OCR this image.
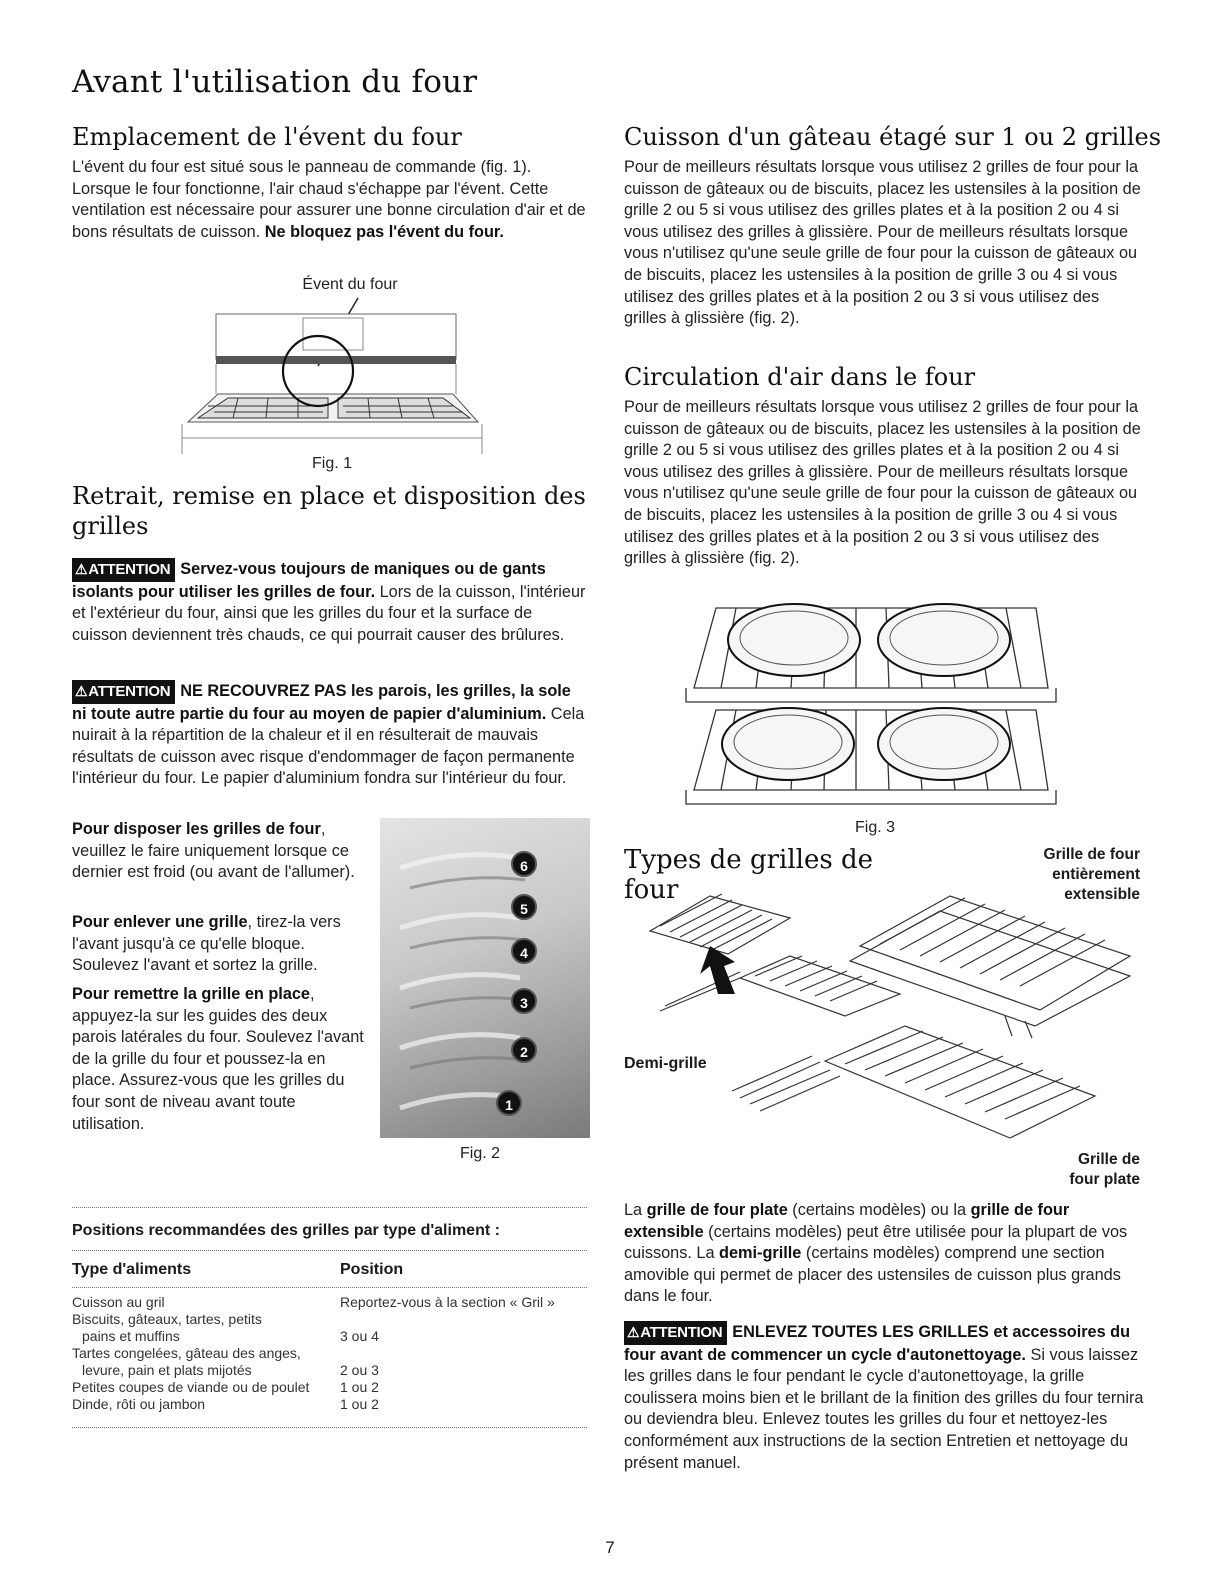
Avant l'utilisation du four
Emplacement de l'évent du four
L'évent du four est situé sous le panneau de commande (fig. 1). Lorsque le four fonctionne, l'air chaud s'échappe par l'évent. Cette ventilation est nécessaire pour assurer une bonne circulation d'air et de bons résultats de cuisson. Ne bloquez pas l'évent du four.
Évent du four
Fig. 1
Retrait, remise en place et disposition des grilles
⚠ATTENTION Servez-vous toujours de maniques ou de gants isolants pour utiliser les grilles de four. Lors de la cuisson, l'intérieur et l'extérieur du four, ainsi que les grilles du four et la surface de cuisson deviennent très chauds, ce qui pourrait causer des brûlures.
⚠ATTENTION NE RECOUVREZ PAS les parois, les grilles, la sole ni toute autre partie du four au moyen de papier d'aluminium. Cela nuirait à la répartition de la chaleur et il en résulterait de mauvais résultats de cuisson avec risque d'endommager de façon permanente l'intérieur du four. Le papier d'aluminium fondra sur l'intérieur du four.
Pour disposer les grilles de four, veuillez le faire uniquement lorsque ce dernier est froid (ou avant de l'allumer).
Pour enlever une grille, tirez-la vers l'avant jusqu'à ce qu'elle bloque. Soulevez l'avant et sortez la grille.
Pour remettre la grille en place, appuyez-la sur les guides des deux parois latérales du four. Soulevez l'avant de la grille du four et poussez-la en place. Assurez-vous que les grilles du four sont de niveau avant toute utilisation.
6
5
4
3
2
1
Fig. 2
Positions recommandées des grilles par type d'aliment :
Type d'aliments	Position
Cuisson au gril	Reportez-vous à la section « Gril »
Biscuits, gâteaux, tartes, petits
pains et muffins	3 ou 4
Tartes congelées, gâteau des anges,
levure, pain et plats mijotés	2 ou 3
Petites coupes de viande ou de poulet	1 ou 2
Dinde, rôti ou jambon	1 ou 2
Cuisson d'un gâteau étagé sur 1 ou 2 grilles
Pour de meilleurs résultats lorsque vous utilisez 2 grilles de four pour la cuisson de gâteaux ou de biscuits, placez les ustensiles à la position de grille 2 ou 5 si vous utilisez des grilles plates et à la position 2 ou 4 si vous utilisez des grilles à glissière. Pour de meilleurs résultats lorsque vous n'utilisez qu'une seule grille de four pour la cuisson de gâteaux ou de biscuits, placez les ustensiles à la position de grille 3 ou 4 si vous utilisez des grilles plates et à la position 2 ou 3 si vous utilisez des grilles à glissière (fig. 2).
Circulation d'air dans le four
Pour de meilleurs résultats lorsque vous utilisez 2 grilles de four pour la cuisson de gâteaux ou de biscuits, placez les ustensiles à la position de grille 2 ou 5 si vous utilisez des grilles plates et à la position 2 ou 4 si vous utilisez des grilles à glissière. Pour de meilleurs résultats lorsque vous n'utilisez qu'une seule grille de four pour la cuisson de gâteaux ou de biscuits, placez les ustensiles à la position de grille 3 ou 4 si vous utilisez des grilles plates et à la position 2 ou 3 si vous utilisez des grilles à glissière (fig. 2).
Fig. 3
Types de grilles de four
Grille de four
entièrement
extensible
Demi-grille
Grille de
four plate
La grille de four plate (certains modèles) ou la grille de four extensible (certains modèles) peut être utilisée pour la plupart de vos cuissons. La demi-grille (certains modèles) comprend une section amovible qui permet de placer des ustensiles de cuisson plus grands dans le four.
⚠ATTENTION ENLEVEZ TOUTES LES GRILLES et accessoires du four avant de commencer un cycle d'autonettoyage. Si vous laissez les grilles dans le four pendant le cycle d'autonettoyage, la grille coulissera moins bien et le brillant de la finition des grilles du four ternira ou deviendra bleu. Enlevez toutes les grilles du four et nettoyez-les conformément aux instructions de la section Entretien et nettoyage du présent manuel.
7
